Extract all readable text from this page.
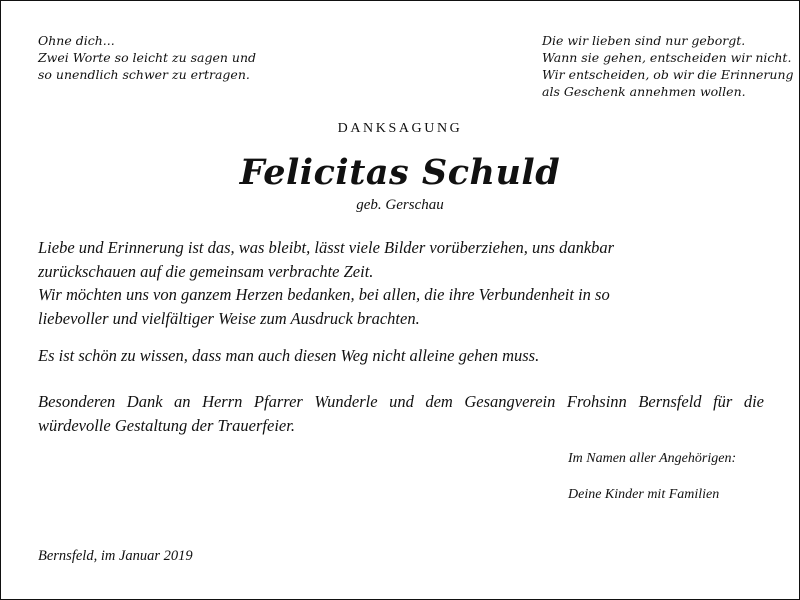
Ohne dich...
Zwei Worte so leicht zu sagen und
so unendlich schwer zu ertragen.
Die wir lieben sind nur geborgt.
Wann sie gehen, entscheiden wir nicht.
Wir entscheiden, ob wir die Erinnerung
als Geschenk annehmen wollen.
DANKSAGUNG
Felicitas Schuld
geb. Gerschau
Liebe und Erinnerung ist das, was bleibt, lässt viele Bilder vorüberziehen, uns dankbar
zurückschauen auf die gemeinsam verbrachte Zeit.
Wir möchten uns von ganzem Herzen bedanken, bei allen, die ihre Verbundenheit in so
liebevoller und vielfältiger Weise zum Ausdruck brachten.
Es ist schön zu wissen, dass man auch diesen Weg nicht alleine gehen muss.
Besonderen Dank an Herrn Pfarrer Wunderle und dem Gesangverein Frohsinn Bernsfeld für die
würdevolle Gestaltung der Trauerfeier.
Im Namen aller Angehörigen:
Deine Kinder mit Familien
Bernsfeld, im Januar 2019
